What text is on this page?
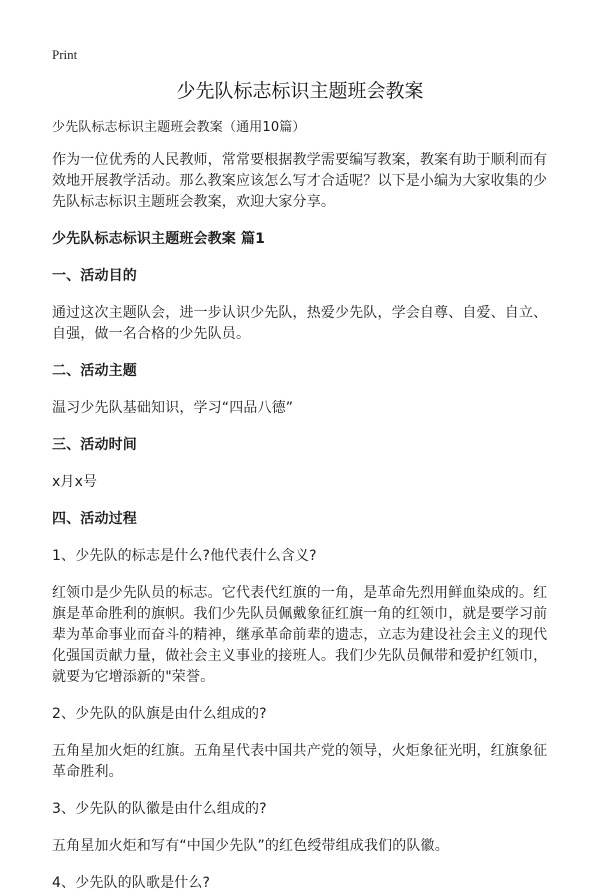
Print
少先队标志标识主题班会教案

少先队标志标识主题班会教案（通用10篇）

作为一位优秀的人民教师，常常要根据教学需要编写教案，教案有助于顺利而有效地开展教学活动。那么教案应该怎么写才合适呢？以下是小编为大家收集的少先队标志标识主题班会教案，欢迎大家分享。

少先队标志标识主题班会教案 篇1

一、活动目的

通过这次主题队会，进一步认识少先队，热爱少先队，学会自尊、自爱、自立、自强，做一名合格的少先队员。

二、活动主题

温习少先队基础知识，学习“四品八德”

三、活动时间

x月x号

四、活动过程

1、少先队的标志是什么?他代表什么含义?

红领巾是少先队员的标志。它代表代红旗的一角，是革命先烈用鲜血染成的。红旗是革命胜利的旗帜。我们少先队员佩戴象征红旗一角的红领巾，就是要学习前辈为革命事业而奋斗的精神，继承革命前辈的遗志，立志为建设社会主义的现代化强国贡献力量，做社会主义事业的接班人。我们少先队员佩带和爱护红领巾，就要为它增添新的"荣誉。

2、少先队的队旗是由什么组成的?

五角星加火炬的红旗。五角星代表中国共产党的领导，火炬象征光明，红旗象征革命胜利。

3、少先队的队徽是由什么组成的?

五角星加火炬和写有“中国少先队”的红色绶带组成我们的队徽。

4、少先队的队歌是什么?
